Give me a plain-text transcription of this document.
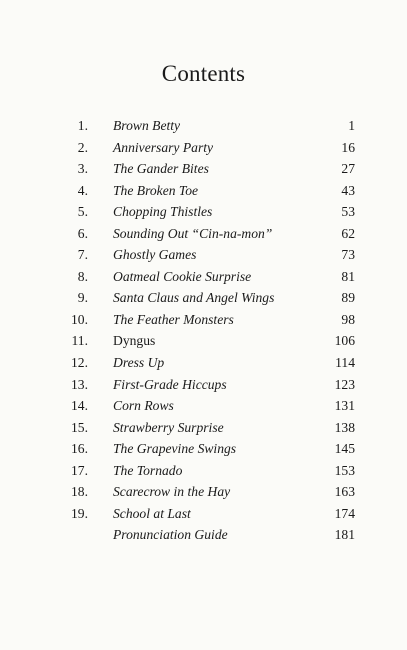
Contents
1. Brown Betty	1
2. Anniversary Party	16
3. The Gander Bites	27
4. The Broken Toe	43
5. Chopping Thistles	53
6. Sounding Out “Cin-na-mon”	62
7. Ghostly Games	73
8. Oatmeal Cookie Surprise	81
9. Santa Claus and Angel Wings	89
10. The Feather Monsters	98
11. Dyngus	106
12. Dress Up	114
13. First-Grade Hiccups	123
14. Corn Rows	131
15. Strawberry Surprise	138
16. The Grapevine Swings	145
17. The Tornado	153
18. Scarecrow in the Hay	163
19. School at Last	174
Pronunciation Guide	181
